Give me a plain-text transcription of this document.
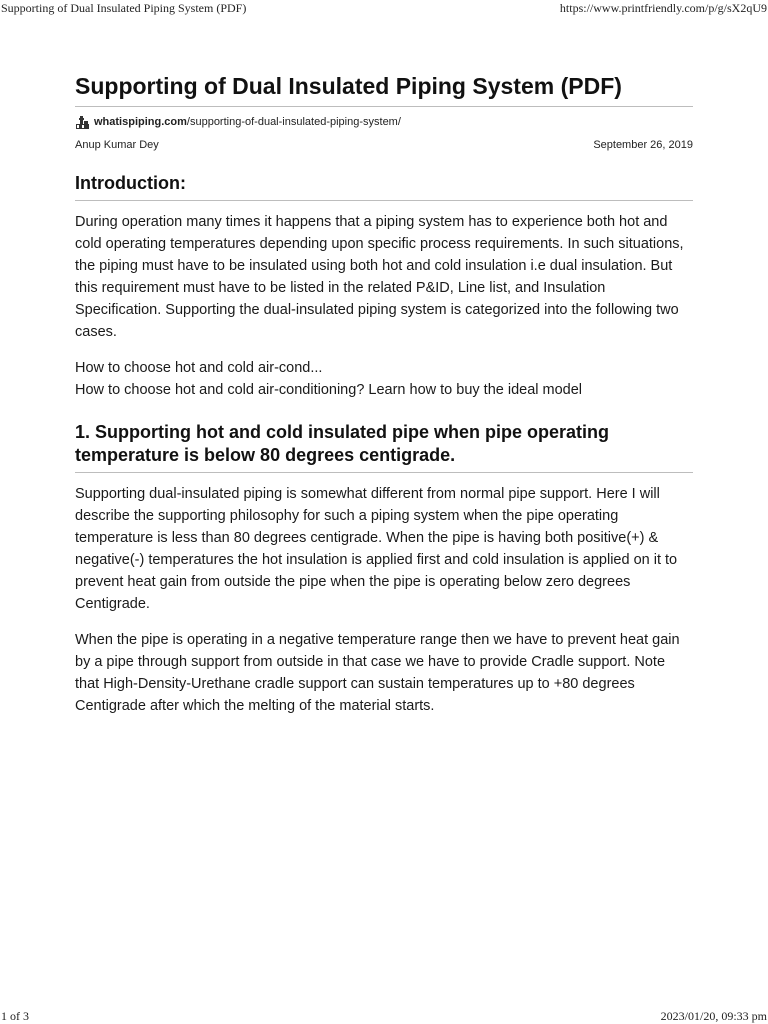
Supporting of Dual Insulated Piping System (PDF)	https://www.printfriendly.com/p/g/sX2qU9
Supporting of Dual Insulated Piping System (PDF)
whatispiping.com /supporting-of-dual-insulated-piping-system/
Anup Kumar Dey	September 26, 2019
Introduction:

During operation many times it happens that a piping system has to experience both hot and cold operating temperatures depending upon specific process requirements. In such situations, the piping must have to be insulated using both hot and cold insulation i.e dual insulation. But this requirement must have to be listed in the related P&ID, Line list, and Insulation Specification. Supporting the dual-insulated piping system is categorized into the following two cases.

How to choose hot and cold air-cond...
How to choose hot and cold air-conditioning? Learn how to buy the ideal model
1. Supporting hot and cold insulated pipe when pipe operating temperature is below 80 degrees centigrade.

Supporting dual-insulated piping is somewhat different from normal pipe support. Here I will describe the supporting philosophy for such a piping system when the pipe operating temperature is less than 80 degrees centigrade. When the pipe is having both positive(+) & negative(-) temperatures the hot insulation is applied first and cold insulation is applied on it to prevent heat gain from outside the pipe when the pipe is operating below zero degrees Centigrade.

When the pipe is operating in a negative temperature range then we have to prevent heat gain by a pipe through support from outside in that case we have to provide Cradle support. Note that High-Density-Urethane cradle support can sustain temperatures up to +80 degrees Centigrade after which the melting of the material starts.

1 of 3	2023/01/20, 09:33 pm
